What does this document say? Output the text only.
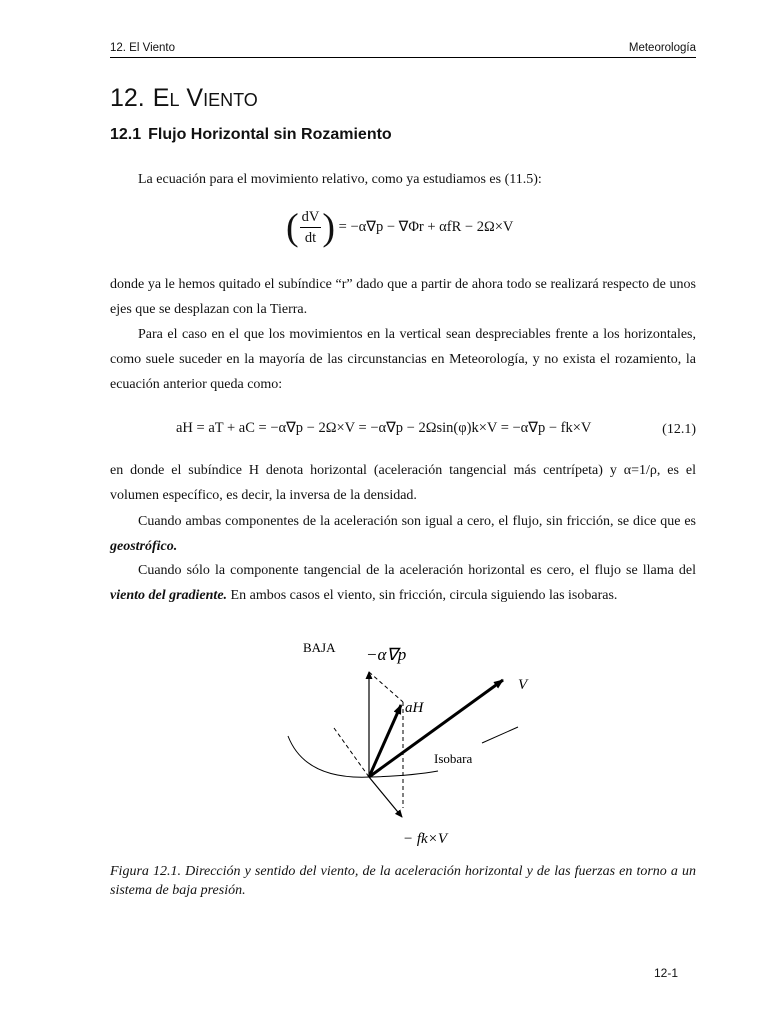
12. El Viento	Meteorología
12. El Viento
12.1 Flujo Horizontal sin Rozamiento
La ecuación para el movimiento relativo, como ya estudiamos es (11.5):
( $\frac{dV}{dt}$ ) = −α∇p − ∇Φr + αfR − 2Ω×V
donde ya le hemos quitado el subíndice “r” dado que a partir de ahora todo se realizará respecto de unos ejes que se desplazan con la Tierra.
Para el caso en el que los movimientos en la vertical sean despreciables frente a los horizontales, como suele suceder en la mayoría de las circunstancias en Meteorología, y no exista el rozamiento, la ecuación anterior queda como:
aH = aT + aC = −α∇p − 2Ω×V = −α∇p − 2Ωsin(φ)k×V = −α∇p − fk×V	(12.1)
en donde el subíndice H denota horizontal (aceleración tangencial más centrípeta) y α=1/ρ, es el volumen específico, es decir, la inversa de la densidad.
Cuando ambas componentes de la aceleración son igual a cero, el flujo, sin fricción, se dice que es geostrófico.
Cuando sólo la componente tangencial de la aceleración horizontal es cero, el flujo se llama del viento del gradiente. En ambos casos el viento, sin fricción, circula siguiendo las isobaras.
BAJA −α∇p
V
aH
Isobara
− fk×V
Figura 12.1. Dirección y sentido del viento, de la aceleración horizontal y de las fuerzas en torno a un sistema de baja presión.
12-1
